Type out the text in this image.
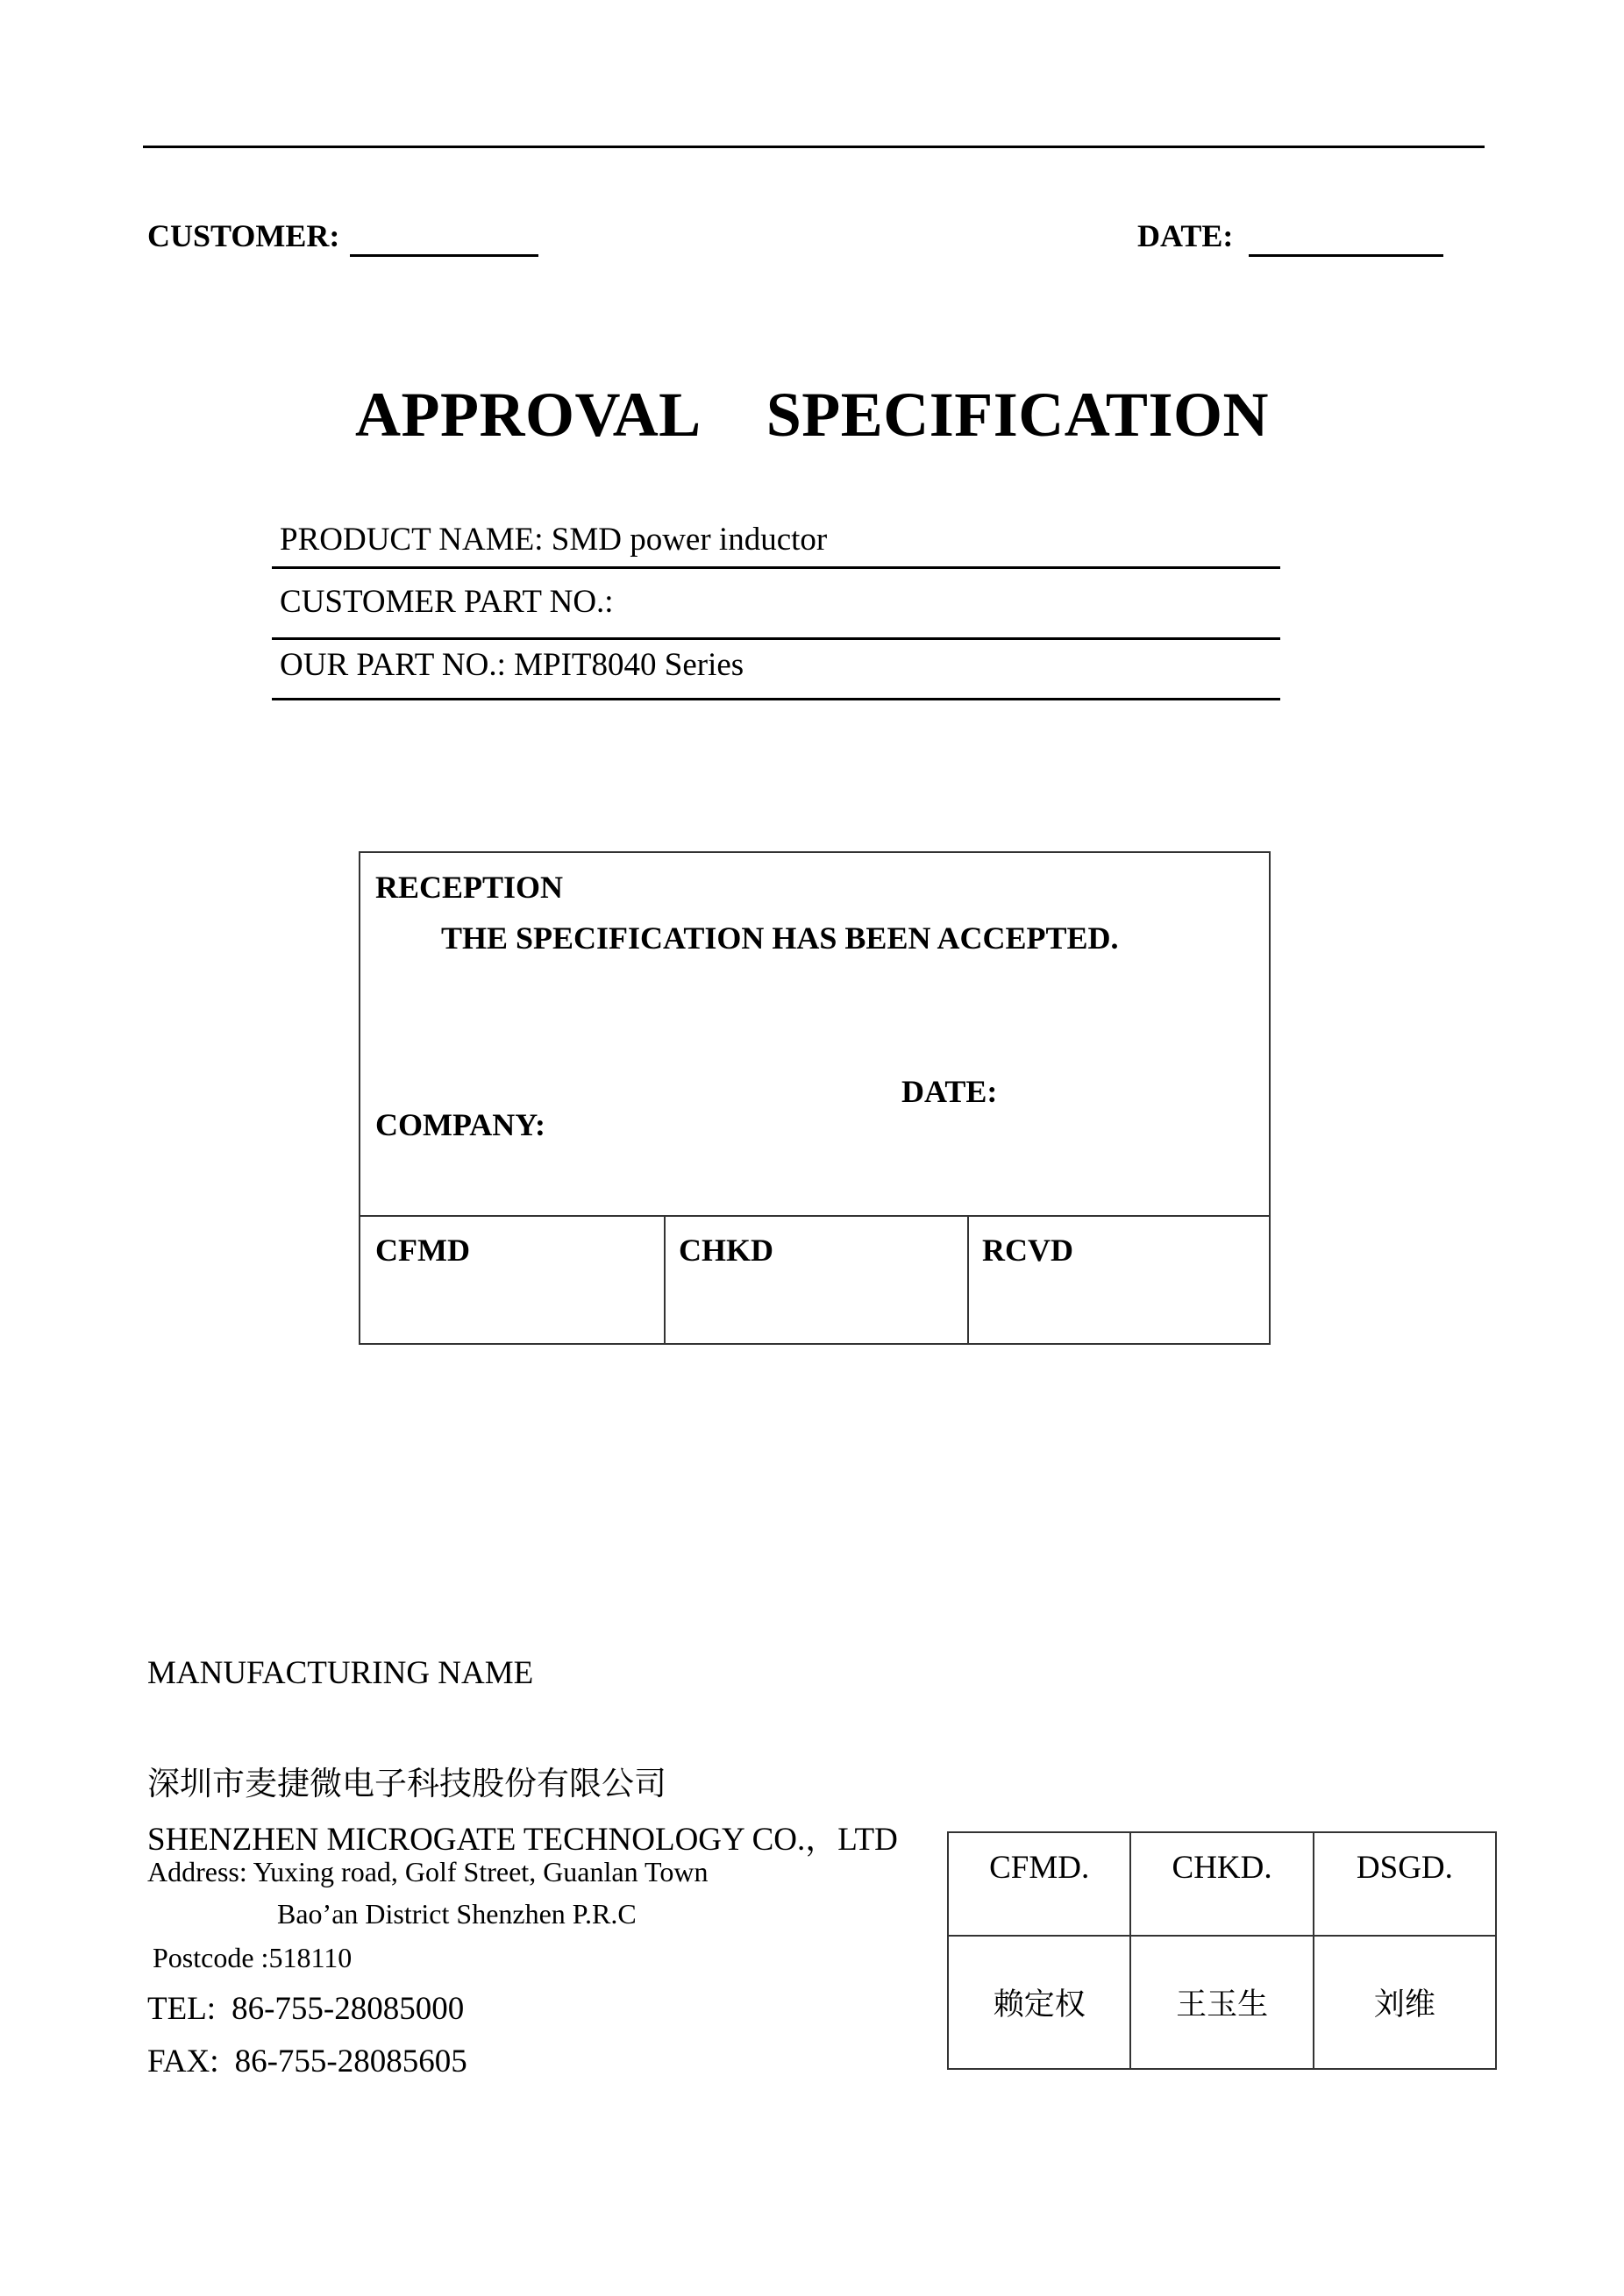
CUSTOMER:	DATE:
APPROVAL SPECIFICATION
PRODUCT NAME: SMD power inductor
CUSTOMER PART NO.:
OUR PART NO.: MPIT8040 Series
RECEPTION
THE SPECIFICATION HAS BEEN ACCEPTED.
DATE:
COMPANY:
CFMD	CHKD	RCVD
MANUFACTURING NAME
深圳市麦捷微电子科技股份有限公司
SHENZHEN MICROGATE TECHNOLOGY CO.，LTD
Address: Yuxing road, Golf Street, Guanlan Town
Bao’an District Shenzhen P.R.C
Postcode :518110
TEL: 86-755-28085000
FAX: 86-755-28085605
CFMD.	CHKD.	DSGD.
赖定权	王玉生	刘维
